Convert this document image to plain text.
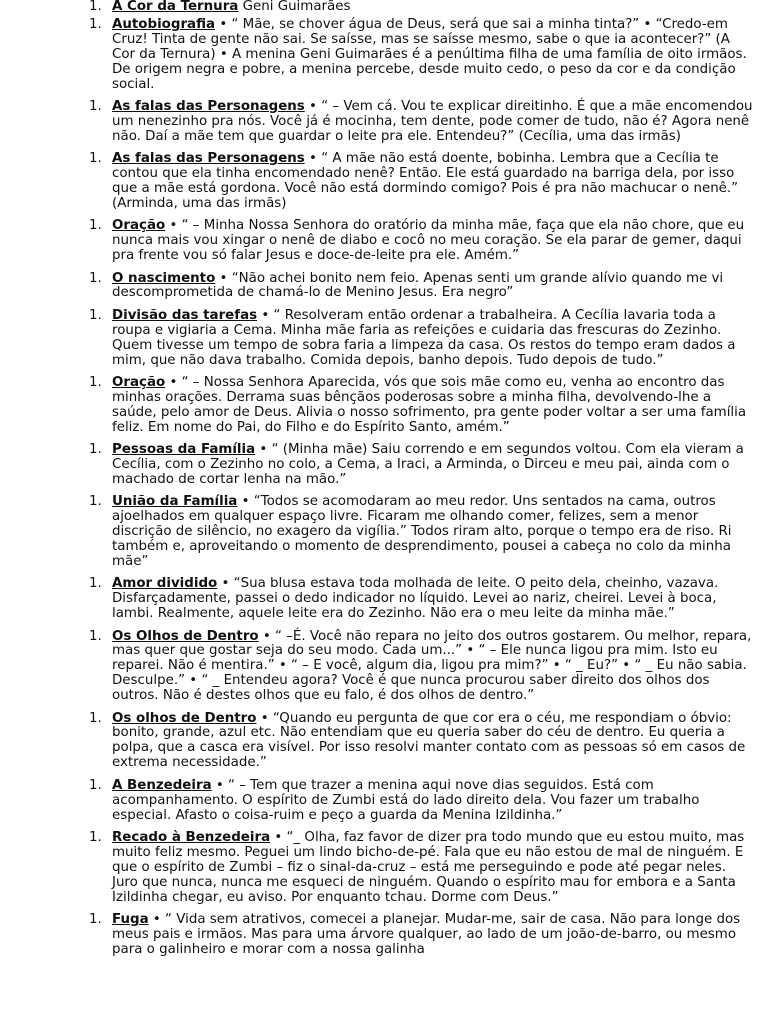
1. A Cor da Ternura Geni Guimarães
1. Autobiografia • “ Mãe, se chover água de Deus, será que sai a minha tinta?” • “Credo-em Cruz! Tinta de gente não sai. Se saísse, mas se saísse mesmo, sabe o que ia acontecer?” (A Cor da Ternura) • A menina Geni Guimarães é a penúltima filha de uma família de oito irmãos. De origem negra e pobre, a menina percebe, desde muito cedo, o peso da cor e da condição social.
1. As falas das Personagens • “ – Vem cá. Vou te explicar direitinho. É que a mãe encomendou um nenezinho pra nós. Você já é mocinha, tem dente, pode comer de tudo, não é? Agora nenê não. Daí a mãe tem que guardar o leite pra ele. Entendeu?” (Cecília, uma das irmãs)
1. As falas das Personagens • “ A mãe não está doente, bobinha. Lembra que a Cecília te contou que ela tinha encomendado nenê? Então. Ele está guardado na barriga dela, por isso que a mãe está gordona. Você não está dormindo comigo? Pois é pra não machucar o nenê.” (Arminda, uma das irmãs)
1. Oração • “ – Minha Nossa Senhora do oratório da minha mãe, faça que ela não chore, que eu nunca mais vou xingar o nenê de diabo e cocô no meu coração. Se ela parar de gemer, daqui pra frente vou só falar Jesus e doce-de-leite pra ele. Amém.”
1. O nascimento • “Não achei bonito nem feio. Apenas senti um grande alívio quando me vi descomprometida de chamá-lo de Menino Jesus. Era negro”
1. Divisão das tarefas • “ Resolveram então ordenar a trabalheira. A Cecília lavaria toda a roupa e vigiaria a Cema. Minha mãe faria as refeições e cuidaria das frescuras do Zezinho. Quem tivesse um tempo de sobra faria a limpeza da casa. Os restos do tempo eram dados a mim, que não dava trabalho. Comida depois, banho depois. Tudo depois de tudo.”
1. Oração • “ – Nossa Senhora Aparecida, vós que sois mãe como eu, venha ao encontro das minhas orações. Derrama suas bênçãos poderosas sobre a minha filha, devolvendo-lhe a saúde, pelo amor de Deus. Alivia o nosso sofrimento, pra gente poder voltar a ser uma família feliz. Em nome do Pai, do Filho e do Espírito Santo, amém.”
1. Pessoas da Família • “ (Minha mãe) Saiu correndo e em segundos voltou. Com ela vieram a Cecília, com o Zezinho no colo, a Cema, a Iraci, a Arminda, o Dirceu e meu pai, ainda com o machado de cortar lenha na mão.”
1. União da Família • “Todos se acomodaram ao meu redor. Uns sentados na cama, outros ajoelhados em qualquer espaço livre. Ficaram me olhando comer, felizes, sem a menor discrição de silêncio, no exagero da vigília.” Todos riram alto, porque o tempo era de riso. Ri também e, aproveitando o momento de desprendimento, pousei a cabeça no colo da minha mãe”
1. Amor dividido • “Sua blusa estava toda molhada de leite. O peito dela, cheinho, vazava. Disfarçadamente, passei o dedo indicador no líquido. Levei ao nariz, cheirei. Levei à boca, lambi. Realmente, aquele leite era do Zezinho. Não era o meu leite da minha mãe.”
1. Os Olhos de Dentro • “ –É. Você não repara no jeito dos outros gostarem. Ou melhor, repara, mas quer que gostar seja do seu modo. Cada um...” • “ – Ele nunca ligou pra mim. Isto eu reparei. Não é mentira.” • “ – E você, algum dia, ligou pra mim?” • “ _ Eu?” • “ _ Eu não sabia. Desculpe.” • “ _ Entendeu agora? Você é que nunca procurou saber direito dos olhos dos outros. Não é destes olhos que eu falo, é dos olhos de dentro.”
1. Os olhos de Dentro • “Quando eu pergunta de que cor era o céu, me respondiam o óbvio: bonito, grande, azul etc. Não entendiam que eu queria saber do céu de dentro. Eu queria a polpa, que a casca era visível. Por isso resolvi manter contato com as pessoas só em casos de extrema necessidade.”
1. A Benzedeira • “ – Tem que trazer a menina aqui nove dias seguidos. Está com acompanhamento. O espírito de Zumbi está do lado direito dela. Vou fazer um trabalho especial. Afasto o coisa-ruim e peço a guarda da Menina Izildinha.”
1. Recado à Benzedeira • “_ Olha, faz favor de dizer pra todo mundo que eu estou muito, mas muito feliz mesmo. Peguei um lindo bicho-de-pé. Fala que eu não estou de mal de ninguém. E que o espírito de Zumbi – fiz o sinal-da-cruz – está me perseguindo e pode até pegar neles. Juro que nunca, nunca me esqueci de ninguém. Quando o espírito mau for embora e a Santa Izildinha chegar, eu aviso. Por enquanto tchau. Dorme com Deus.”
1. Fuga • “ Vida sem atrativos, comecei a planejar. Mudar-me, sair de casa. Não para longe dos meus pais e irmãos. Mas para uma árvore qualquer, ao lado de um joão-de-barro, ou mesmo para o galinheiro e morar com a nossa galinha
